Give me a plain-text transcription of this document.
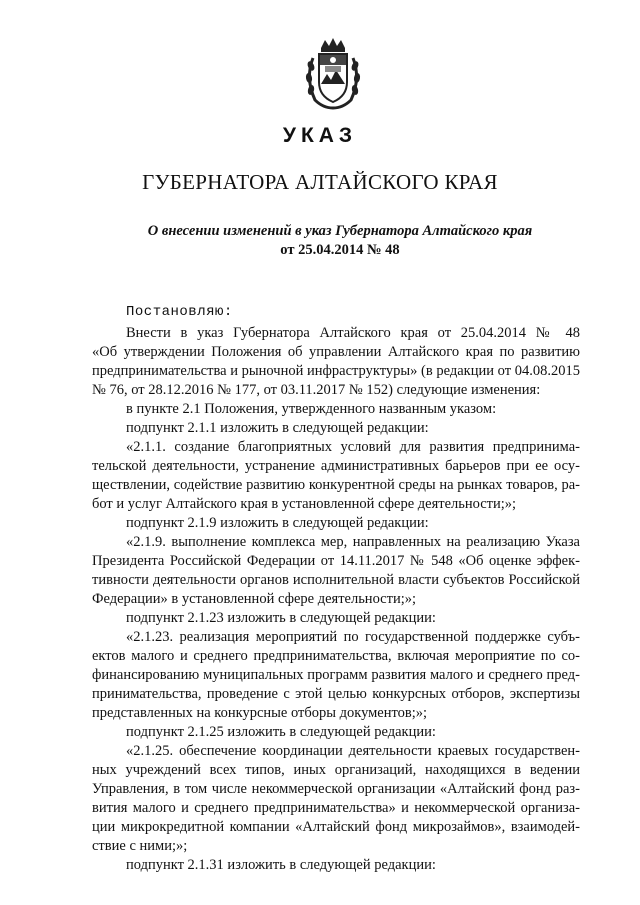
УКАЗ
ГУБЕРНАТОРА АЛТАЙСКОГО КРАЯ
О внесении изменений в указ Губернатора Алтайского края
от 25.04.2014 № 48
Постановляю:
Внести в указ Губернатора Алтайского края от 25.04.2014 № 48
«Об утверждении Положения об управлении Алтайского края по развитию
предпринимательства и рыночной инфраструктуры» (в редакции от 04.08.2015
№ 76, от 28.12.2016 № 177, от 03.11.2017 № 152) следующие изменения:
в пункте 2.1 Положения, утвержденного названным указом:
подпункт 2.1.1 изложить в следующей редакции:
«2.1.1. создание благоприятных условий для развития предпринима-
тельской деятельности, устранение административных барьеров при ее осу-
ществлении, содействие развитию конкурентной среды на рынках товаров, ра-
бот и услуг Алтайского края в установленной сфере деятельности;»;
подпункт 2.1.9 изложить в следующей редакции:
«2.1.9. выполнение комплекса мер, направленных на реализацию Указа
Президента Российской Федерации от 14.11.2017 № 548 «Об оценке эффек-
тивности деятельности органов исполнительной власти субъектов Российской
Федерации» в установленной сфере деятельности;»;
подпункт 2.1.23 изложить в следующей редакции:
«2.1.23. реализация мероприятий по государственной поддержке субъ-
ектов малого и среднего предпринимательства, включая мероприятие по со-
финансированию муниципальных программ развития малого и среднего пред-
принимательства, проведение с этой целью конкурсных отборов, экспертизы
представленных на конкурсные отборы документов;»;
подпункт 2.1.25 изложить в следующей редакции:
«2.1.25. обеспечение координации деятельности краевых государствен-
ных учреждений всех типов, иных организаций, находящихся в ведении
Управления, в том числе некоммерческой организации «Алтайский фонд раз-
вития малого и среднего предпринимательства» и некоммерческой организа-
ции микрокредитной компании «Алтайский фонд микрозаймов», взаимодей-
ствие с ними;»;
подпункт 2.1.31 изложить в следующей редакции:
